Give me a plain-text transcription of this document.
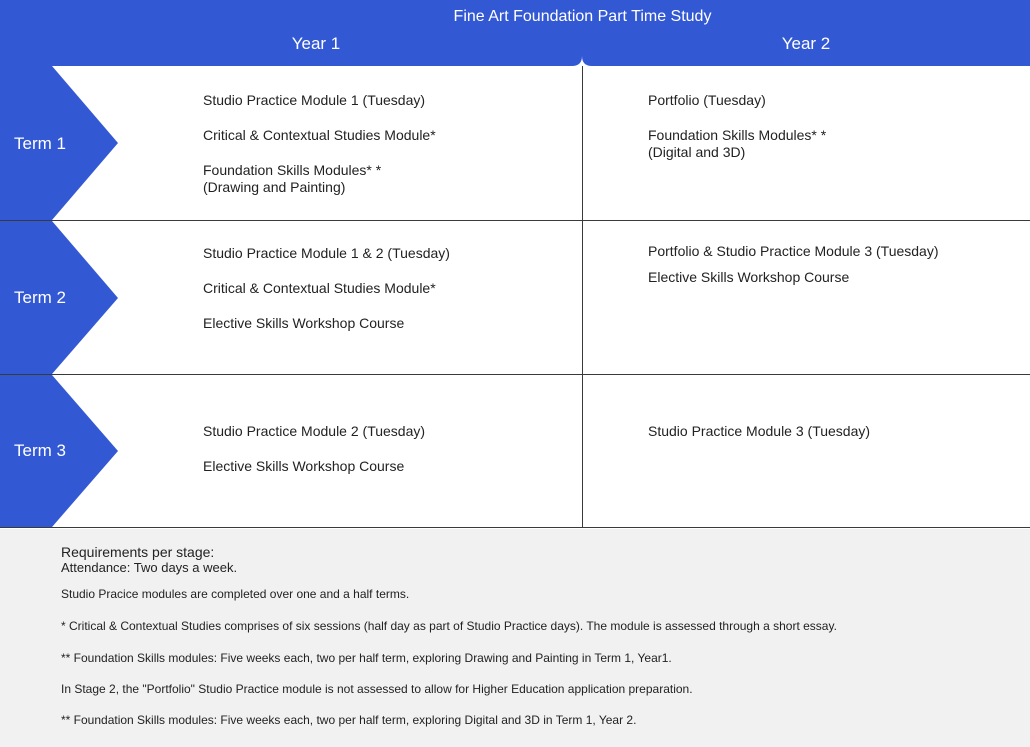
Fine Art Foundation Part Time Study
Year 1	Year 2
Term 1

Studio Practice Module 1 (Tuesday)

Critical & Contextual Studies Module*

Foundation Skills Modules* *
(Drawing and Painting)

Portfolio (Tuesday)

Foundation Skills Modules* *
(Digital and 3D)

Term 2

Studio Practice Module 1 & 2 (Tuesday)

Critical & Contextual Studies Module*

Elective Skills Workshop Course

Portfolio & Studio Practice Module 3 (Tuesday)

Elective Skills Workshop Course

Term 3

Studio Practice Module 2 (Tuesday)

Elective Skills Workshop Course

Studio Practice Module 3 (Tuesday)

Requirements per stage:
Attendance: Two days a week.
Studio Pracice modules are completed over one and a half terms.
* Critical & Contextual Studies comprises of six sessions (half day as part of Studio Practice days). The module is assessed through a short essay.
** Foundation Skills modules: Five weeks each, two per half term, exploring Drawing and Painting in Term 1, Year1.
In Stage 2, the "Portfolio" Studio Practice module is not assessed to allow for Higher Education application preparation.
** Foundation Skills modules: Five weeks each, two per half term, exploring Digital and 3D in Term 1, Year 2.
